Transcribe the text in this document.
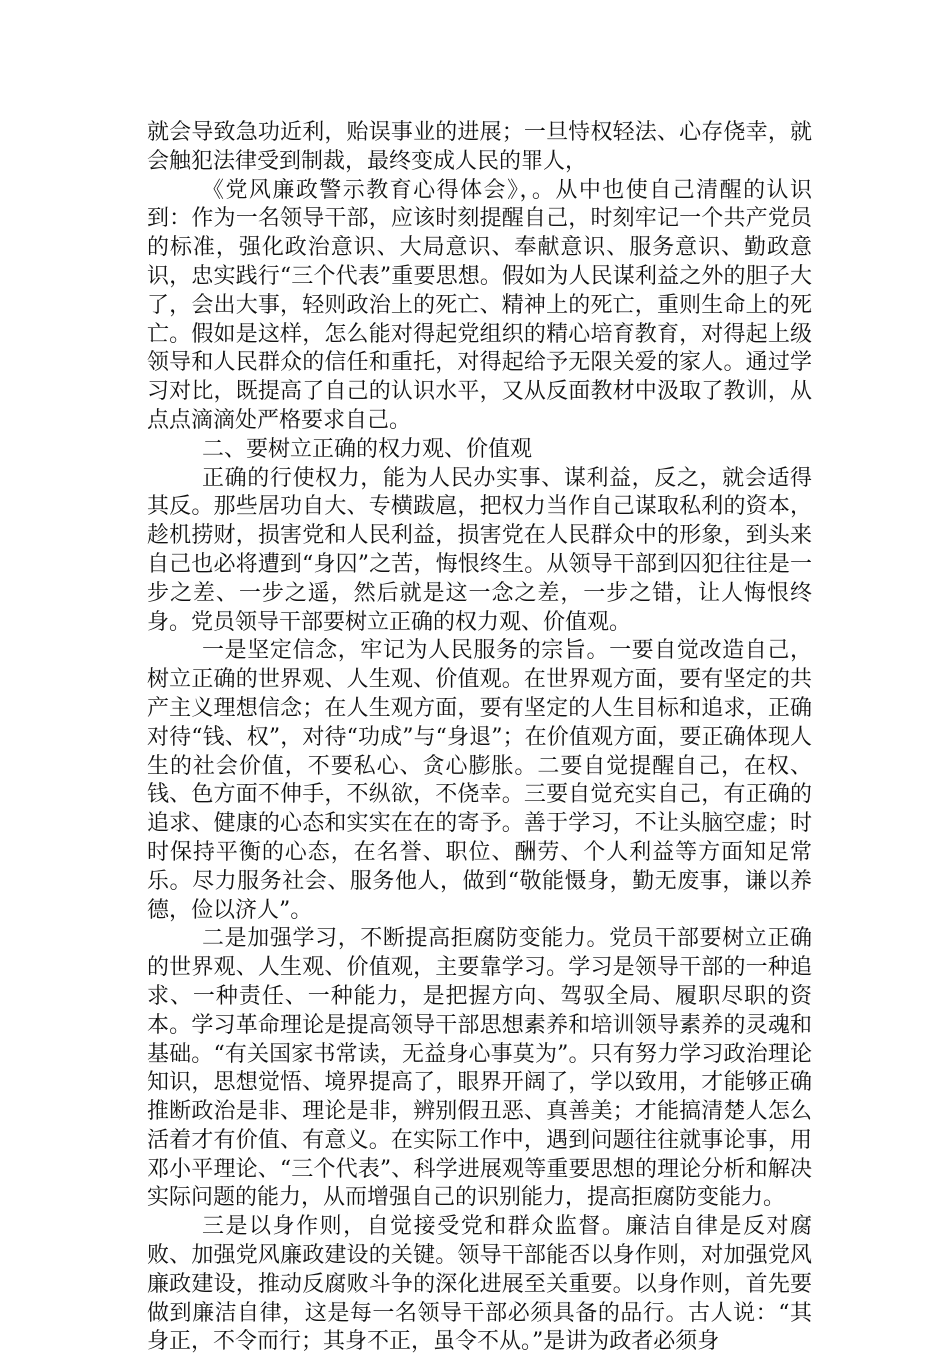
就会导致急功近利，贻误事业的进展；一旦恃权轻法、心存侥幸，就会触犯法律受到制裁，最终变成人民的罪人，

《党风廉政警示教育心得体会》，。从中也使自己清醒的认识到：作为一名领导干部，应该时刻提醒自己，时刻牢记一个共产党员的标准，强化政治意识、大局意识、奉献意识、服务意识、勤政意识，忠实践行“三个代表”重要思想。假如为人民谋利益之外的胆子大了，会出大事，轻则政治上的死亡、精神上的死亡，重则生命上的死亡。假如是这样，怎么能对得起党组织的精心培育教育，对得起上级领导和人民群众的信任和重托，对得起给予无限关爱的家人。通过学习对比，既提高了自己的认识水平，又从反面教材中汲取了教训，从点点滴滴处严格要求自己。

二、要树立正确的权力观、价值观

正确的行使权力，能为人民办实事、谋利益，反之，就会适得其反。那些居功自大、专横跋扈，把权力当作自己谋取私利的资本，趁机捞财，损害党和人民利益，损害党在人民群众中的形象，到头来自己也必将遭到“身囚”之苦，悔恨终生。从领导干部到囚犯往往是一步之差、一步之遥，然后就是这一念之差，一步之错，让人悔恨终身。党员领导干部要树立正确的权力观、价值观。

一是坚定信念，牢记为人民服务的宗旨。一要自觉改造自己，树立正确的世界观、人生观、价值观。在世界观方面，要有坚定的共产主义理想信念；在人生观方面，要有坚定的人生目标和追求，正确对待“钱、权”，对待“功成”与“身退”；在价值观方面，要正确体现人生的社会价值，不要私心、贪心膨胀。二要自觉提醒自己，在权、钱、色方面不伸手，不纵欲，不侥幸。三要自觉充实自己，有正确的追求、健康的心态和实实在在的寄予。善于学习，不让头脑空虚；时时保持平衡的心态，在名誉、职位、酬劳、个人利益等方面知足常乐。尽力服务社会、服务他人，做到“敬能慑身，勤无废事，谦以养德，俭以济人”。

二是加强学习，不断提高拒腐防变能力。党员干部要树立正确的世界观、人生观、价值观，主要靠学习。学习是领导干部的一种追求、一种责任、一种能力，是把握方向、驾驭全局、履职尽职的资本。学习革命理论是提高领导干部思想素养和培训领导素养的灵魂和基础。“有关国家书常读，无益身心事莫为”。只有努力学习政治理论知识，思想觉悟、境界提高了，眼界开阔了，学以致用，才能够正确推断政治是非、理论是非，辨别假丑恶、真善美；才能搞清楚人怎么活着才有价值、有意义。在实际工作中，遇到问题往往就事论事，用邓小平理论、“三个代表”、科学进展观等重要思想的理论分析和解决实际问题的能力，从而增强自己的识别能力，提高拒腐防变能力。

三是以身作则，自觉接受党和群众监督。廉洁自律是反对腐败、加强党风廉政建设的关键。领导干部能否以身作则，对加强党风廉政建设，推动反腐败斗争的深化进展至关重要。以身作则，首先要做到廉洁自律，这是每一名领导干部必须具备的品行。古人说：“其身正，不令而行；其身不正，虽令不从。”是讲为政者必须身
